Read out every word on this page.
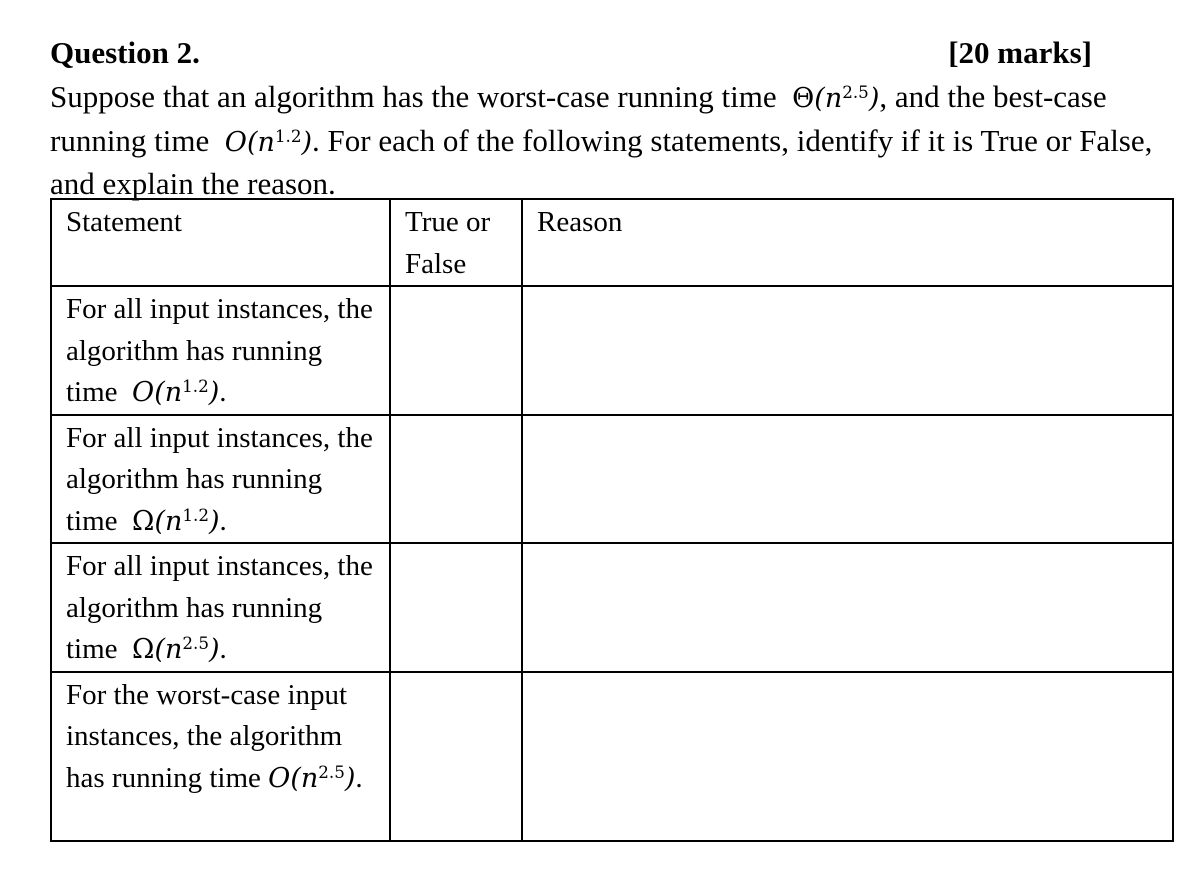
Question 2.	[20 marks]

Suppose that an algorithm has the worst-case running time $\Theta(n^{2.5})$, and the best-case running time $O(n^{1.2})$. For each of the following statements, identify if it is True or False, and explain the reason.

Statement	True or False	Reason
For all input instances, the algorithm has running time $O(n^{1.2})$.		
For all input instances, the algorithm has running time $\Omega(n^{1.2})$.		
For all input instances, the algorithm has running time $\Omega(n^{2.5})$.		
For the worst-case input instances, the algorithm has running time $O(n^{2.5})$.		
